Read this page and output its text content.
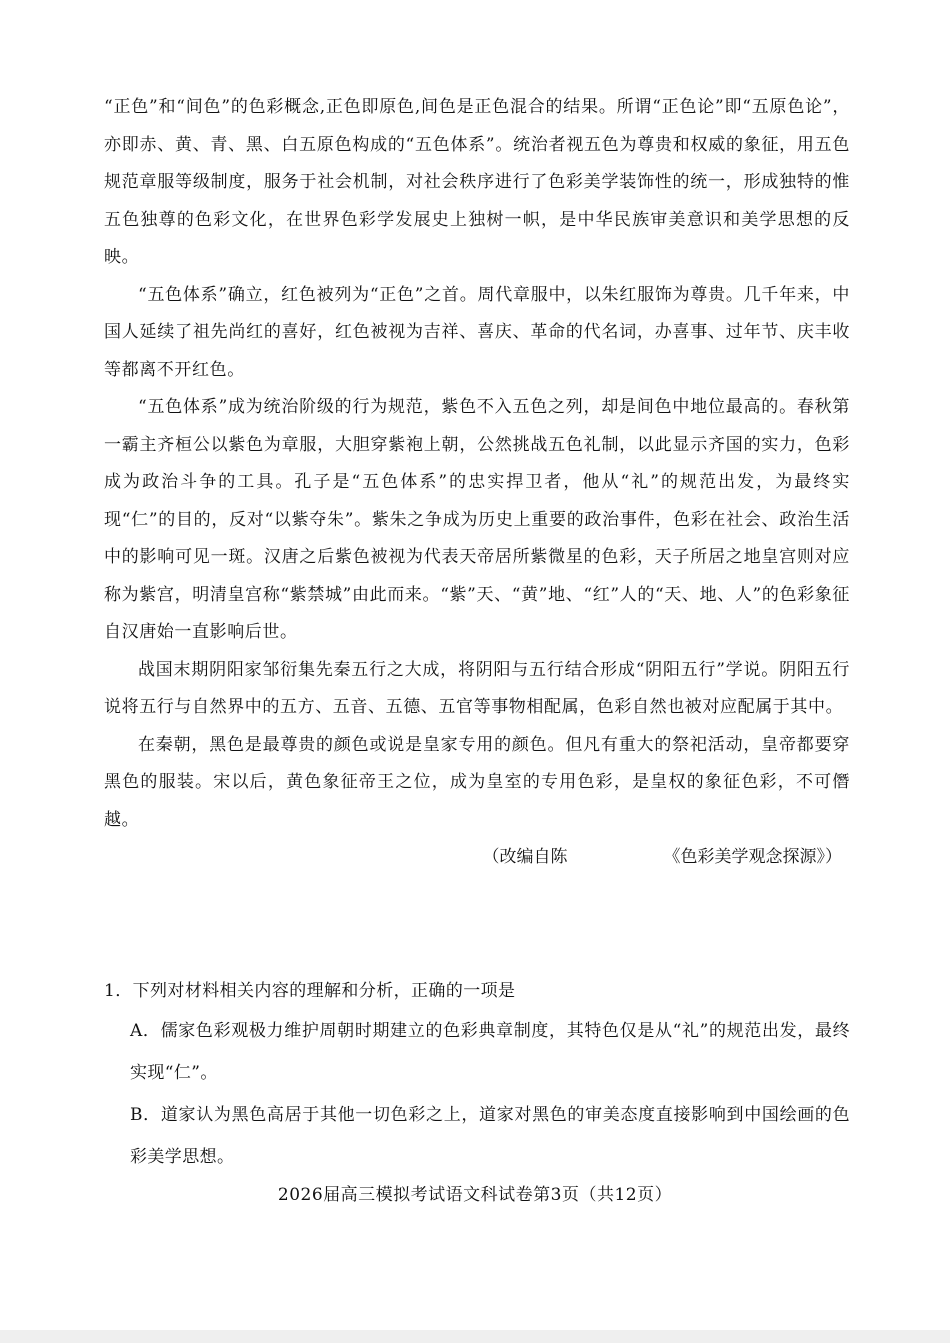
“正色”和“间色”的色彩概念,正色即原色,间色是正色混合的结果。所谓“正色论”即“五原色论”，亦即赤、黄、青、黑、白五原色构成的“五色体系”。统治者视五色为尊贵和权威的象征，用五色规范章服等级制度，服务于社会机制，对社会秩序进行了色彩美学装饰性的统一，形成独特的惟五色独尊的色彩文化，在世界色彩学发展史上独树一帜，是中华民族审美意识和美学思想的反映。

“五色体系”确立，红色被列为“正色”之首。周代章服中，以朱红服饰为尊贵。几千年来，中国人延续了祖先尚红的喜好，红色被视为吉祥、喜庆、革命的代名词，办喜事、过年节、庆丰收等都离不开红色。

“五色体系”成为统治阶级的行为规范，紫色不入五色之列，却是间色中地位最高的。春秋第一霸主齐桓公以紫色为章服，大胆穿紫袍上朝，公然挑战五色礼制，以此显示齐国的实力，色彩成为政治斗争的工具。孔子是“五色体系”的忠实捍卫者，他从“礼”的规范出发，为最终实现“仁”的目的，反对“以紫夺朱”。紫朱之争成为历史上重要的政治事件，色彩在社会、政治生活中的影响可见一斑。汉唐之后紫色被视为代表天帝居所紫微星的色彩，天子所居之地皇宫则对应称为紫宫，明清皇宫称“紫禁城”由此而来。“紫”天、“黄”地、“红”人的“天、地、人”的色彩象征自汉唐始一直影响后世。

战国末期阴阳家邹衍集先秦五行之大成，将阴阳与五行结合形成“阴阳五行”学说。阴阳五行说将五行与自然界中的五方、五音、五德、五官等事物相配属，色彩自然也被对应配属于其中。

在秦朝，黑色是最尊贵的颜色或说是皇家专用的颜色。但凡有重大的祭祀活动，皇帝都要穿黑色的服装。宋以后，黄色象征帝王之位，成为皇室的专用色彩，是皇权的象征色彩，不可僭越。

（改编自陈	《色彩美学观念探源》）

1．下列对材料相关内容的理解和分析，正确的一项是

A．儒家色彩观极力维护周朝时期建立的色彩典章制度，其特色仅是从“礼”的规范出发，最终实现“仁”。

B．道家认为黑色高居于其他一切色彩之上，道家对黑色的审美态度直接影响到中国绘画的色彩美学思想。

2026届高三模拟考试语文科试卷第3页（共12页）
